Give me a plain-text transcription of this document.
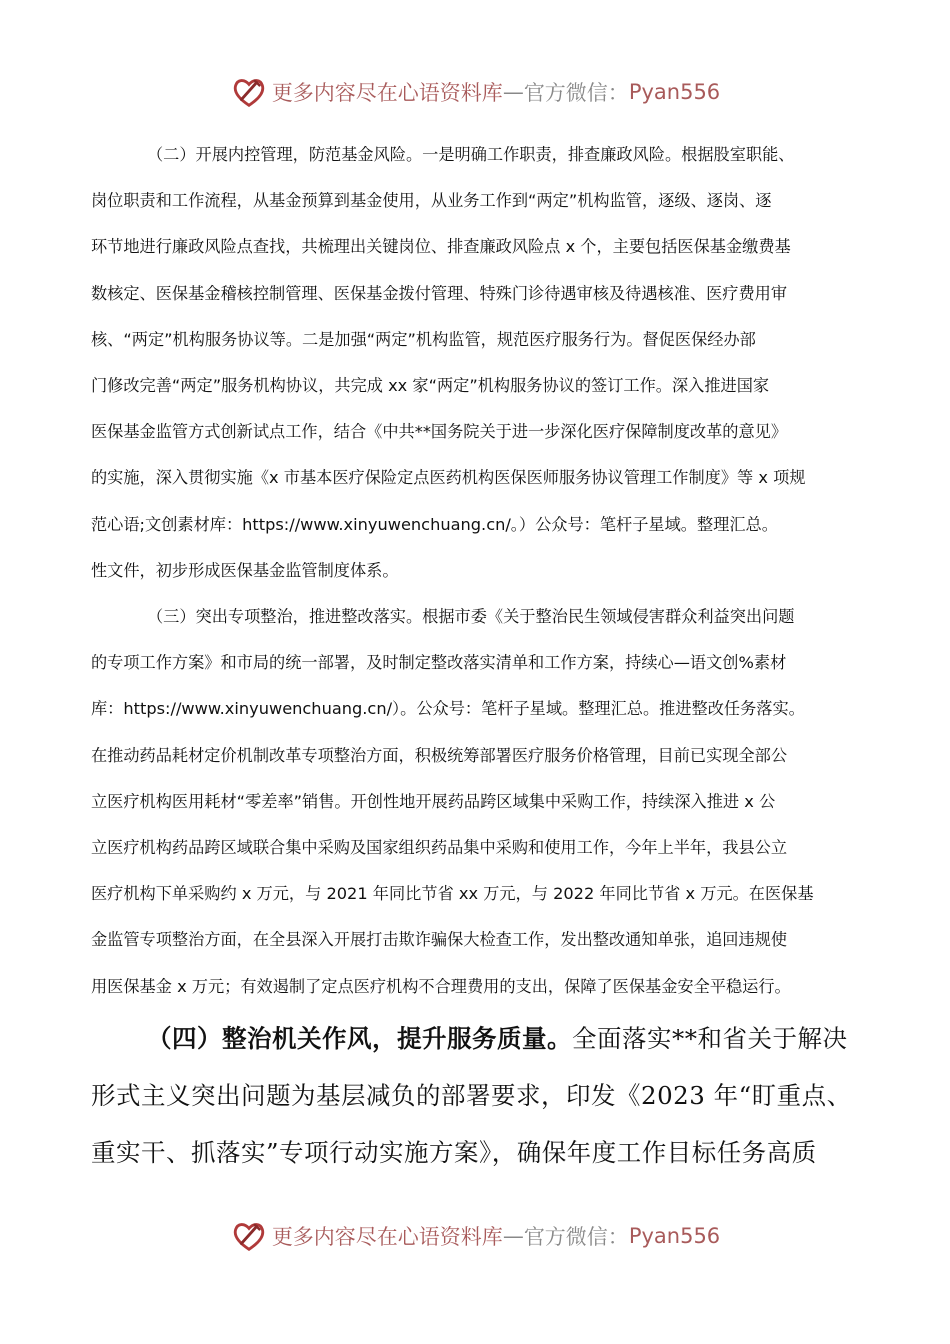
更多内容尽在心语资料库 — 官方微信： Pyan556
（二）开展内控管理，防范基金风险。一是明确工作职责，排查廉政风险。根据股室职能、
岗位职责和工作流程，从基金预算到基金使用，从业务工作到“两定”机构监管，逐级、逐岗、逐
环节地进行廉政风险点查找，共梳理出关键岗位、排查廉政风险点 x 个，主要包括医保基金缴费基
数核定、医保基金稽核控制管理、医保基金拨付管理、特殊门诊待遇审核及待遇核准、医疗费用审
核、“两定”机构服务协议等。二是加强“两定”机构监管，规范医疗服务行为。督促医保经办部
门修改完善“两定”服务机构协议，共完成 xx 家“两定”机构服务协议的签订工作。深入推进国家
医保基金监管方式创新试点工作，结合《中共**国务院关于进一步深化医疗保障制度改革的意见》
的实施，深入贯彻实施《x 市基本医疗保险定点医药机构医保医师服务协议管理工作制度》等 x 项规
范心语;文创素材库：https://www.xinyuwenchuang.cn/。）公众号：笔杆子星域。整理汇总。
性文件，初步形成医保基金监管制度体系。
（三）突出专项整治，推进整改落实。根据市委《关于整治民生领域侵害群众利益突出问题
的专项工作方案》和市局的统一部署，及时制定整改落实清单和工作方案，持续心—语文创%素材
库：https://www.xinyuwenchuang.cn/）。公众号：笔杆子星域。整理汇总。推进整改任务落实。
在推动药品耗材定价机制改革专项整治方面，积极统筹部署医疗服务价格管理，目前已实现全部公
立医疗机构医用耗材“零差率”销售。开创性地开展药品跨区域集中采购工作，持续深入推进 x 公
立医疗机构药品跨区域联合集中采购及国家组织药品集中采购和使用工作，今年上半年，我县公立
医疗机构下单采购约 x 万元，与 2021 年同比节省 xx 万元，与 2022 年同比节省 x 万元。在医保基
金监管专项整治方面，在全县深入开展打击欺诈骗保大检查工作，发出整改通知单张，追回违规使
用医保基金 x 万元；有效遏制了定点医疗机构不合理费用的支出，保障了医保基金安全平稳运行。
（四）整治机关作风，提升服务质量。全面落实**和省关于解决
形式主义突出问题为基层减负的部署要求，印发《2023 年“盯重点、
重实干、抓落实”专项行动实施方案》，确保年度工作目标任务高质
更多内容尽在心语资料库 — 官方微信： Pyan556
